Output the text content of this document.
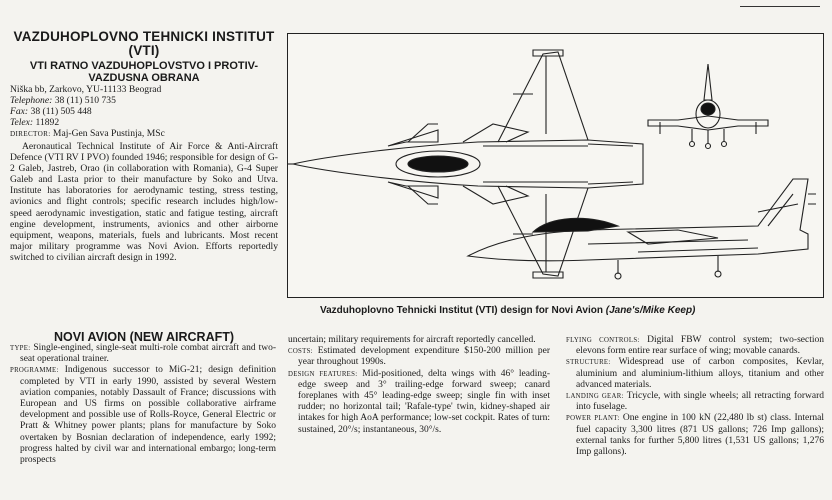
VAZDUHOPLOVNO TEHNICKI INSTITUT (VTI)
VTI RATNO VAZDUHOPLOVSTVO I PROTIV-VAZDUSNA OBRANA
Niška bb, Zarkovo, YU-11133 Beograd
Telephone: 38 (11) 510 735
Fax: 38 (11) 505 448
Telex: 11892
DIRECTOR: Maj-Gen Sava Pustinja, MSc
Aeronautical Technical Institute of Air Force & Anti-Aircraft Defence (VTI RV I PVO) founded 1946; responsible for design of G-2 Galeb, Jastreb, Orao (in collaboration with Romania), G-4 Super Galeb and Lasta prior to their manufacture by Soko and Utva. Institute has laboratories for aerodynamic testing, stress testing, avionics and flight controls; specific research includes high/low-speed aerodynamic investigation, static and fatigue testing, aircraft engine development, instruments, avionics and other airborne equipment, weapons, materials, fuels and lubricants. Most recent major military programme was Novi Avion. Efforts reportedly switched to civilian aircraft design in 1992.
Vazduhoplovno Tehnicki Institut (VTI) design for Novi Avion (Jane's/Mike Keep)
NOVI AVION (NEW AIRCRAFT)

TYPE: Single-engined, single-seat multi-role combat aircraft and two-seat operational trainer.

PROGRAMME: Indigenous successor to MiG-21; design definition completed by VTI in early 1990, assisted by several Western aviation companies, notably Dassault of France; discussions with European and US firms on possible collaborative airframe development and possible use of Rolls-Royce, General Electric or Pratt & Whitney power plants; plans for manufacture by Soko overtaken by Bosnian declaration of independence, early 1992; progress halted by civil war and international embargo; long-term prospects

uncertain; military requirements for aircraft reportedly cancelled.

COSTS: Estimated development expenditure $150-200 million per year throughout 1990s.

DESIGN FEATURES: Mid-positioned, delta wings with 46° leading-edge sweep and 3° trailing-edge forward sweep; canard foreplanes with 45° leading-edge sweep; single fin with inset rudder; no horizontal tail; 'Rafale-type' twin, kidney-shaped air intakes for high AoA performance; low-set cockpit. Rates of turn: sustained, 20°/s; instantaneous, 30°/s.

FLYING CONTROLS: Digital FBW control system; two-section elevons form entire rear surface of wing; movable canards.

STRUCTURE: Widespread use of carbon composites, Kevlar, aluminium and aluminium-lithium alloys, titanium and other advanced materials.

LANDING GEAR: Tricycle, with single wheels; all retracting forward into fuselage.

POWER PLANT: One engine in 100 kN (22,480 lb st) class. Internal fuel capacity 3,300 litres (871 US gallons; 726 Imp gallons); external tanks for further 5,800 litres (1,531 US gallons; 1,276 Imp gallons).
